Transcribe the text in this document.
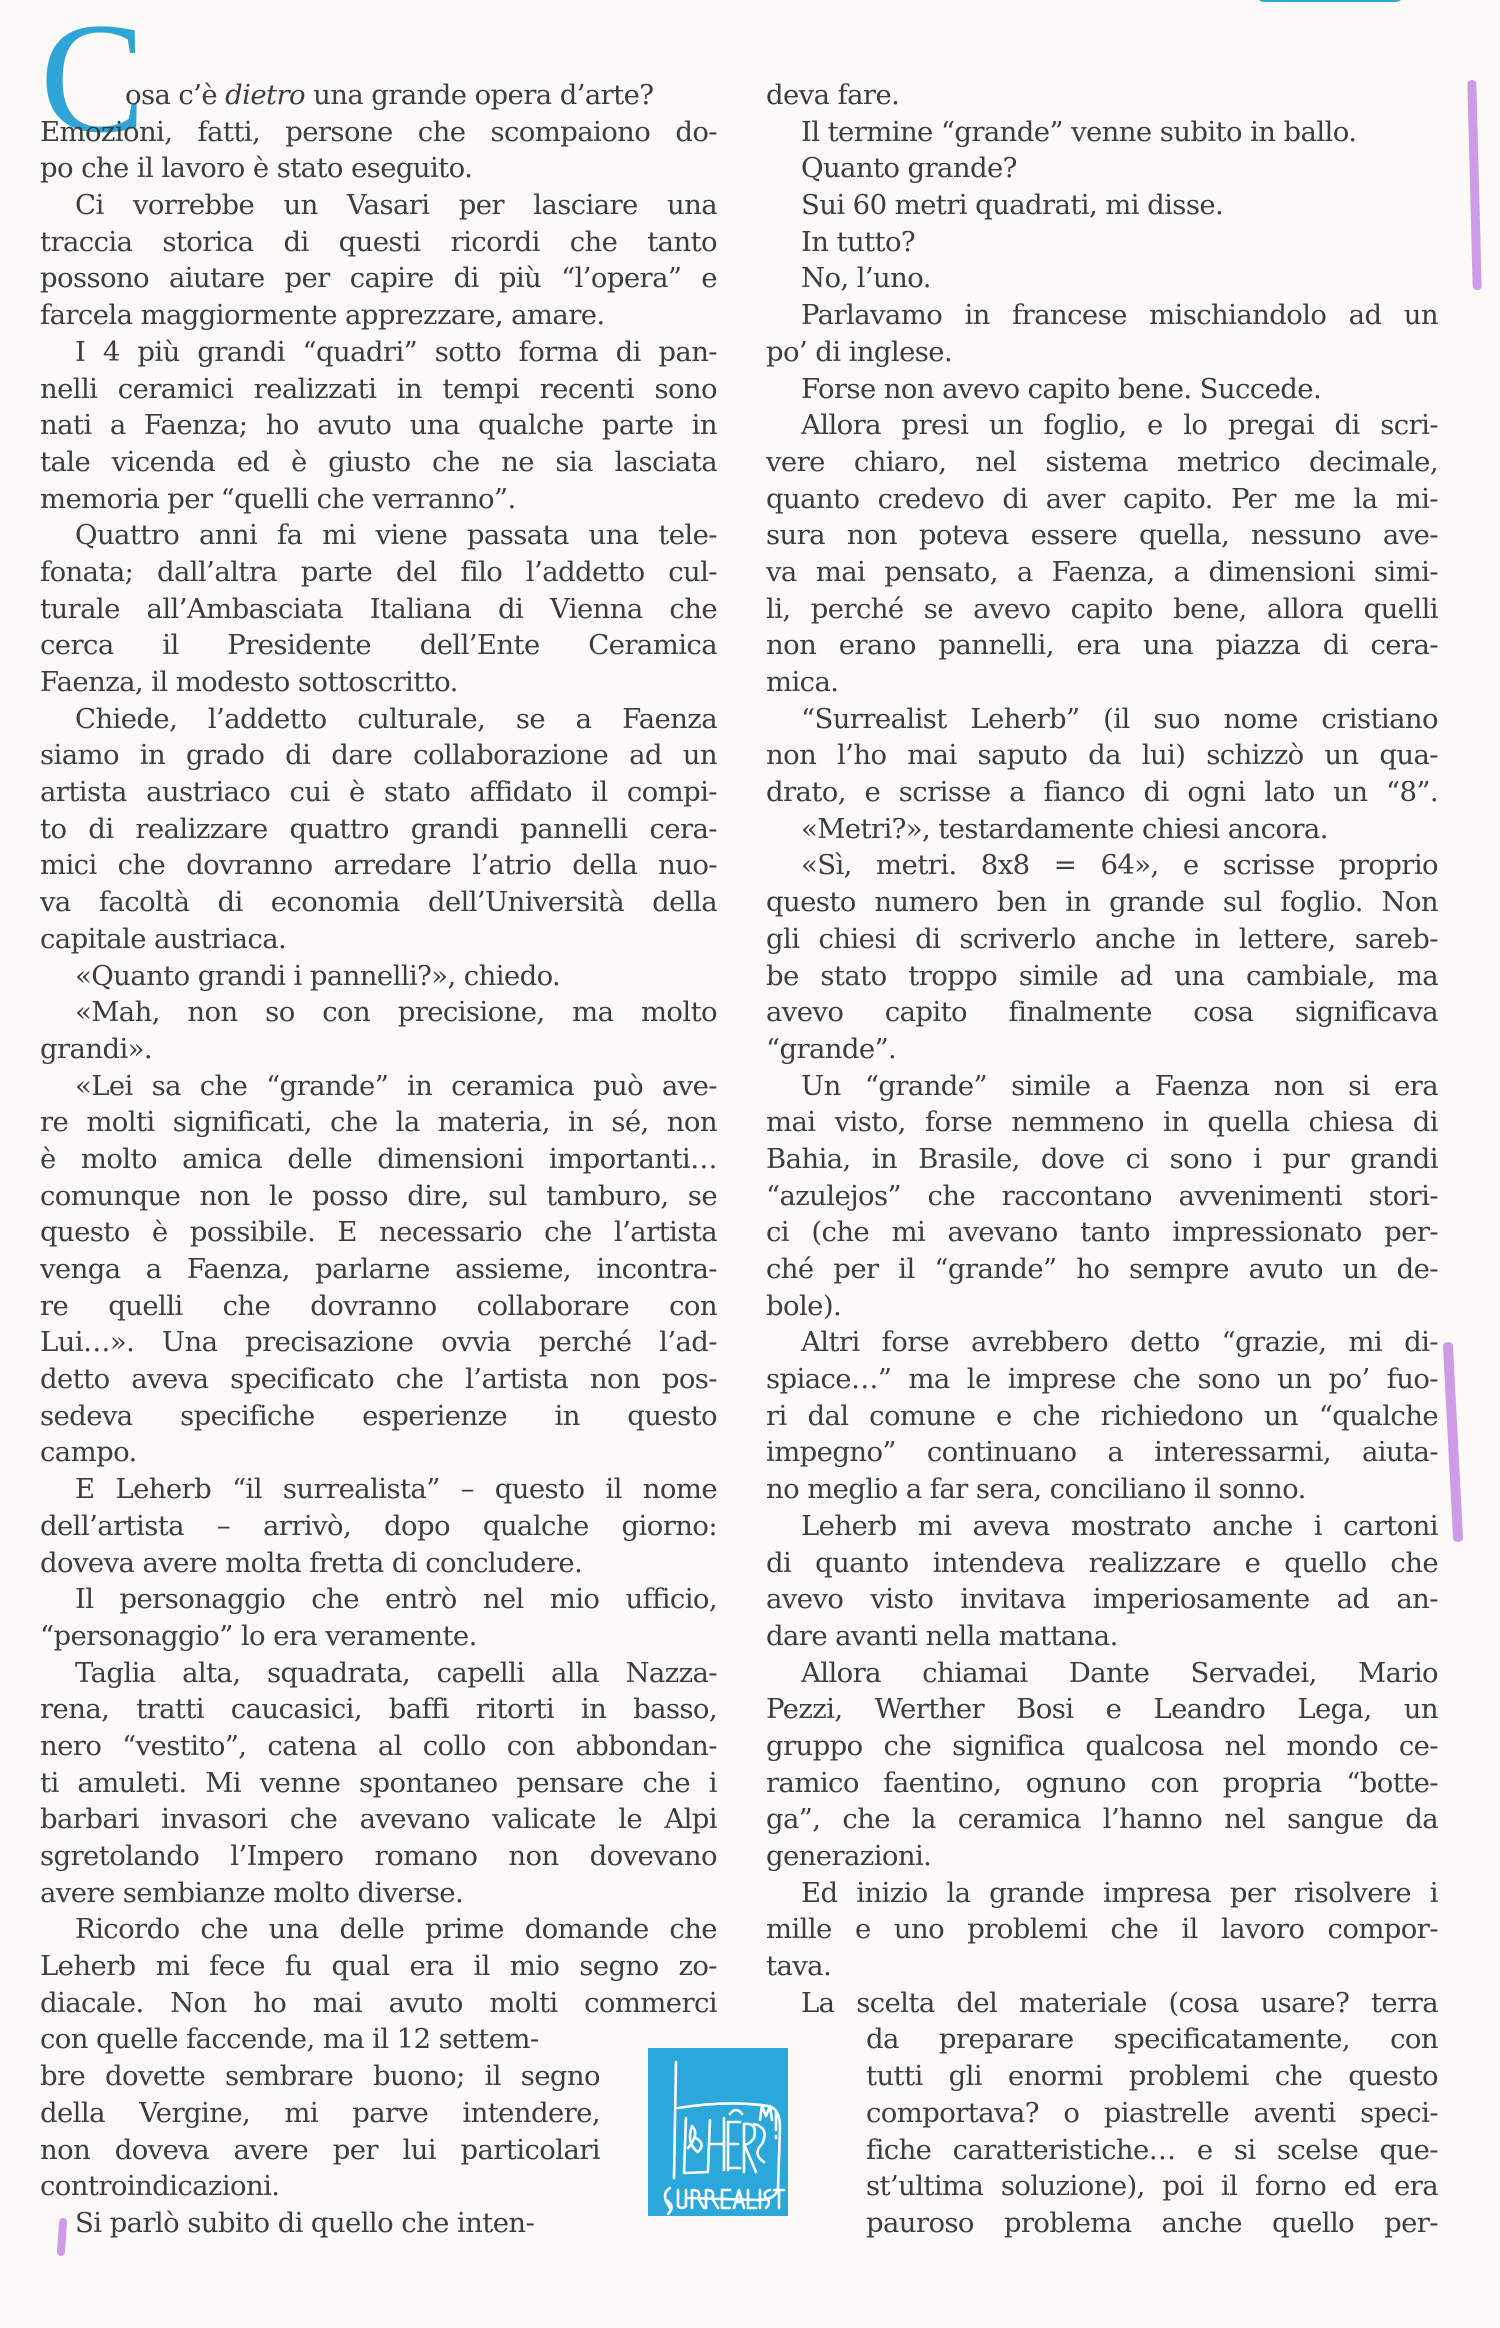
C
osa c’è dietro una grande opera d’arte?
Emozioni, fatti, persone che scompaiono do-
po che il lavoro è stato eseguito.
Ci vorrebbe un Vasari per lasciare una
traccia storica di questi ricordi che tanto
possono aiutare per capire di più “l’opera” e
farcela maggiormente apprezzare, amare.
I 4 più grandi “quadri” sotto forma di pan-
nelli ceramici realizzati in tempi recenti sono
nati a Faenza; ho avuto una qualche parte in
tale vicenda ed è giusto che ne sia lasciata
memoria per “quelli che verranno”.
Quattro anni fa mi viene passata una tele-
fonata; dall’altra parte del filo l’addetto cul-
turale all’Ambasciata Italiana di Vienna che
cerca il Presidente dell’Ente Ceramica
Faenza, il modesto sottoscritto.
Chiede, l’addetto culturale, se a Faenza
siamo in grado di dare collaborazione ad un
artista austriaco cui è stato affidato il compi-
to di realizzare quattro grandi pannelli cera-
mici che dovranno arredare l’atrio della nuo-
va facoltà di economia dell’Università della
capitale austriaca.
«Quanto grandi i pannelli?», chiedo.
«Mah, non so con precisione, ma molto
grandi».
«Lei sa che “grande” in ceramica può ave-
re molti significati, che la materia, in sé, non
è molto amica delle dimensioni importanti…
comunque non le posso dire, sul tamburo, se
questo è possibile. E necessario che l’artista
venga a Faenza, parlarne assieme, incontra-
re quelli che dovranno collaborare con
Lui…». Una precisazione ovvia perché l’ad-
detto aveva specificato che l’artista non pos-
sedeva specifiche esperienze in questo
campo.
E Leherb “il surrealista” – questo il nome
dell’artista – arrivò, dopo qualche giorno:
doveva avere molta fretta di concludere.
Il personaggio che entrò nel mio ufficio,
“personaggio” lo era veramente.
Taglia alta, squadrata, capelli alla Nazza-
rena, tratti caucasici, baffi ritorti in basso,
nero “vestito”, catena al collo con abbondan-
ti amuleti. Mi venne spontaneo pensare che i
barbari invasori che avevano valicate le Alpi
sgretolando l’Impero romano non dovevano
avere sembianze molto diverse.
Ricordo che una delle prime domande che
Leherb mi fece fu qual era il mio segno zo-
diacale. Non ho mai avuto molti commerci
con quelle faccende, ma il 12 settem-
bre dovette sembrare buono; il segno
della Vergine, mi parve intendere,
non doveva avere per lui particolari
controindicazioni.
Si parlò subito di quello che inten-
deva fare.
Il termine “grande” venne subito in ballo.
Quanto grande?
Sui 60 metri quadrati, mi disse.
In tutto?
No, l’uno.
Parlavamo in francese mischiandolo ad un
po’ di inglese.
Forse non avevo capito bene. Succede.
Allora presi un foglio, e lo pregai di scri-
vere chiaro, nel sistema metrico decimale,
quanto credevo di aver capito. Per me la mi-
sura non poteva essere quella, nessuno ave-
va mai pensato, a Faenza, a dimensioni simi-
li, perché se avevo capito bene, allora quelli
non erano pannelli, era una piazza di cera-
mica.
“Surrealist Leherb” (il suo nome cristiano
non l’ho mai saputo da lui) schizzò un qua-
drato, e scrisse a fianco di ogni lato un “8”.
«Metri?», testardamente chiesi ancora.
«Sì, metri. 8x8 = 64», e scrisse proprio
questo numero ben in grande sul foglio. Non
gli chiesi di scriverlo anche in lettere, sareb-
be stato troppo simile ad una cambiale, ma
avevo capito finalmente cosa significava
“grande”.
Un “grande” simile a Faenza non si era
mai visto, forse nemmeno in quella chiesa di
Bahia, in Brasile, dove ci sono i pur grandi
“azulejos” che raccontano avvenimenti stori-
ci (che mi avevano tanto impressionato per-
ché per il “grande” ho sempre avuto un de-
bole).
Altri forse avrebbero detto “grazie, mi di-
spiace…” ma le imprese che sono un po’ fuo-
ri dal comune e che richiedono un “qualche
impegno” continuano a interessarmi, aiuta-
no meglio a far sera, conciliano il sonno.
Leherb mi aveva mostrato anche i cartoni
di quanto intendeva realizzare e quello che
avevo visto invitava imperiosamente ad an-
dare avanti nella mattana.
Allora chiamai Dante Servadei, Mario
Pezzi, Werther Bosi e Leandro Lega, un
gruppo che significa qualcosa nel mondo ce-
ramico faentino, ognuno con propria “botte-
ga”, che la ceramica l’hanno nel sangue da
generazioni.
Ed inizio la grande impresa per risolvere i
mille e uno problemi che il lavoro compor-
tava.
La scelta del materiale (cosa usare? terra
da preparare specificatamente, con
tutti gli enormi problemi che questo
comportava? o piastrelle aventi speci-
fiche caratteristiche… e si scelse que-
st’ultima soluzione), poi il forno ed era
pauroso problema anche quello per-
